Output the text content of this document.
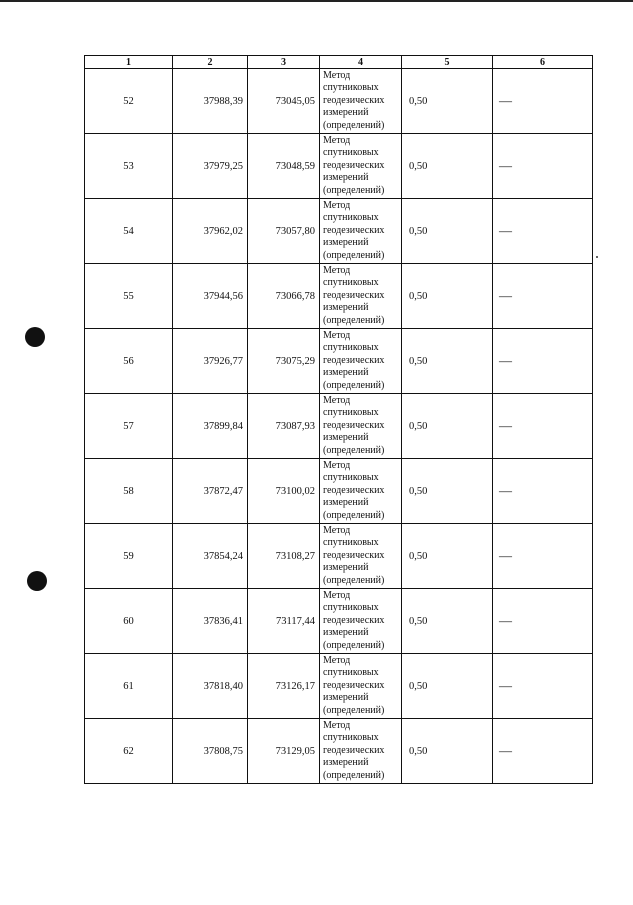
1	2	3	4	5	6
52	37988,39	73045,05	Метод спутниковых геодезических измерений (определений)	0,50	—
53	37979,25	73048,59	Метод спутниковых геодезических измерений (определений)	0,50	—
54	37962,02	73057,80	Метод спутниковых геодезических измерений (определений)	0,50	—
55	37944,56	73066,78	Метод спутниковых геодезических измерений (определений)	0,50	—
56	37926,77	73075,29	Метод спутниковых геодезических измерений (определений)	0,50	—
57	37899,84	73087,93	Метод спутниковых геодезических измерений (определений)	0,50	—
58	37872,47	73100,02	Метод спутниковых геодезических измерений (определений)	0,50	—
59	37854,24	73108,27	Метод спутниковых геодезических измерений (определений)	0,50	—
60	37836,41	73117,44	Метод спутниковых геодезических измерений (определений)	0,50	—
61	37818,40	73126,17	Метод спутниковых геодезических измерений (определений)	0,50	—
62	37808,75	73129,05	Метод спутниковых геодезических измерений (определений)	0,50	—
